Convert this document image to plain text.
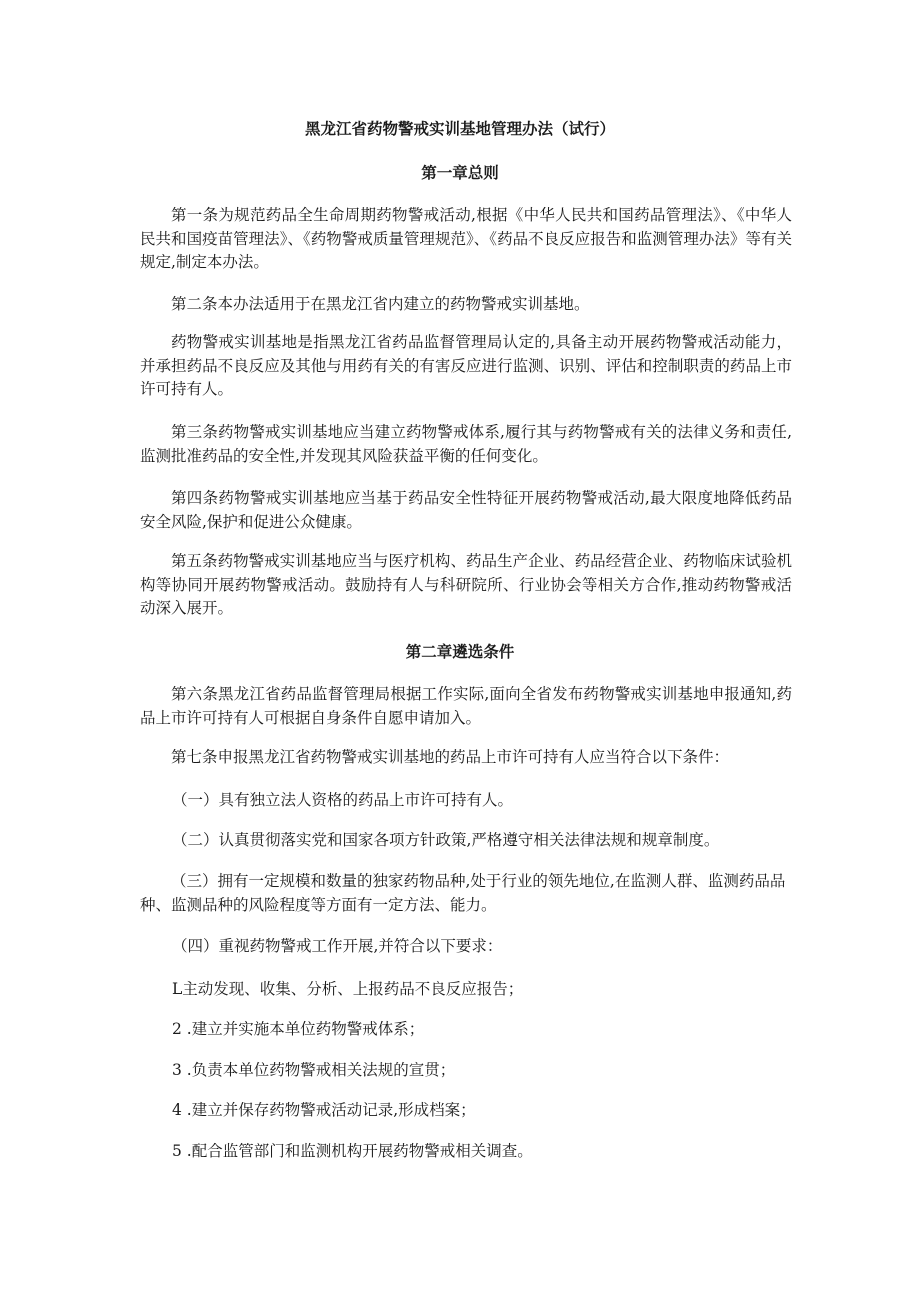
黑龙江省药物警戒实训基地管理办法（试行）
第一章总则

第一条为规范药品全生命周期药物警戒活动,根据《中华人民共和国药品管理法》、《中华人民共和国疫苗管理法》、《药物警戒质量管理规范》、《药品不良反应报告和监测管理办法》等有关规定,制定本办法。

第二条本办法适用于在黑龙江省内建立的药物警戒实训基地。

药物警戒实训基地是指黑龙江省药品监督管理局认定的,具备主动开展药物警戒活动能力，并承担药品不良反应及其他与用药有关的有害反应进行监测、识别、评估和控制职责的药品上市许可持有人。

第三条药物警戒实训基地应当建立药物警戒体系,履行其与药物警戒有关的法律义务和责任,监测批准药品的安全性,并发现其风险获益平衡的任何变化。

第四条药物警戒实训基地应当基于药品安全性特征开展药物警戒活动,最大限度地降低药品安全风险,保护和促进公众健康。

第五条药物警戒实训基地应当与医疗机构、药品生产企业、药品经营企业、药物临床试验机构等协同开展药物警戒活动。鼓励持有人与科研院所、行业协会等相关方合作,推动药物警戒活动深入展开。

第二章遴选条件

第六条黑龙江省药品监督管理局根据工作实际,面向全省发布药物警戒实训基地申报通知,药品上市许可持有人可根据自身条件自愿申请加入。

第七条申报黑龙江省药物警戒实训基地的药品上市许可持有人应当符合以下条件：

（一）具有独立法人资格的药品上市许可持有人。

（二）认真贯彻落实党和国家各项方针政策,严格遵守相关法律法规和规章制度。

（三）拥有一定规模和数量的独家药物品种,处于行业的领先地位,在监测人群、监测药品品种、监测品种的风险程度等方面有一定方法、能力。

（四）重视药物警戒工作开展,并符合以下要求：

L主动发现、收集、分析、上报药品不良反应报告；

2 .建立并实施本单位药物警戒体系；

3 .负责本单位药物警戒相关法规的宣贯；

4 .建立并保存药物警戒活动记录,形成档案；

5 .配合监管部门和监测机构开展药物警戒相关调查。
